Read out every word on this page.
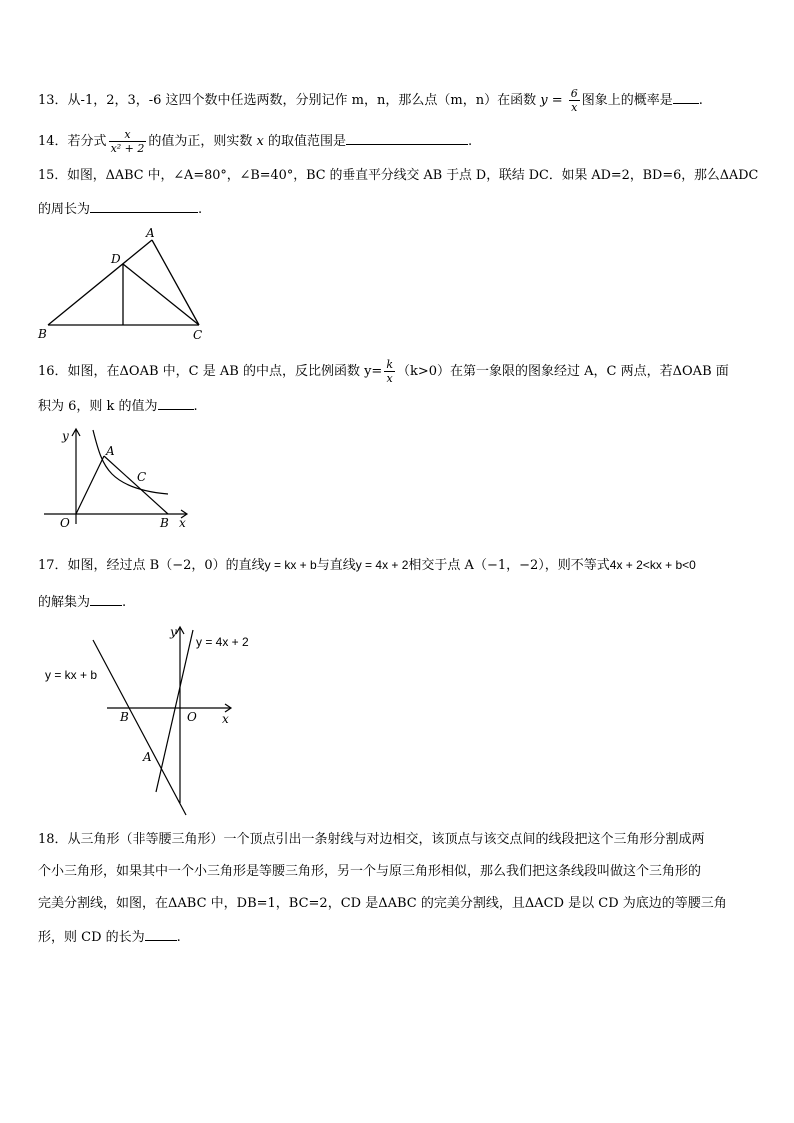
13．从-1，2，3，-6 这四个数中任选两数，分别记作 m，n，那么点（m，n）在函数 $y = \frac{6}{x}$ 图象上的概率是 .
14．若分式 $\frac{x}{\text{x² + 2}}$ 的值为正，则实数 x 的取值范围是	.
15．如图，ΔABC 中，∠A=80°，∠B=40°，BC 的垂直平分线交 AB 于点 D，联结 DC．如果 AD=2，BD=6，那么ΔADC
的周长为	.
A
D
B	C
16．如图，在ΔOAB 中，C 是 AB 的中点，反比例函数 $y= \frac{k}{x} (k>0)$在第一象限的图象经过 A，C 两点，若ΔOAB 面
积为 6，则 k 的值为	.
y
A
C
O	B x
17．如图，经过点 B（−2，0）的直线y = kx + b与直线y = 4x + 2相交于点 A（−1，−2），则不等式4x + 2<kx + b<0
的解集为 .
y
y = 4x + 2
y = kx + b
B	O x
A
18．从三角形（非等腰三角形）一个顶点引出一条射线与对边相交，该顶点与该交点间的线段把这个三角形分割成两
个小三角形，如果其中一个小三角形是等腰三角形，另一个与原三角形相似，那么我们把这条线段叫做这个三角形的
完美分割线，如图，在ΔABC 中，DB=1，BC=2，CD 是ΔABC 的完美分割线，且ΔACD 是以 CD 为底边的等腰三角
形，则 CD 的长为 .
